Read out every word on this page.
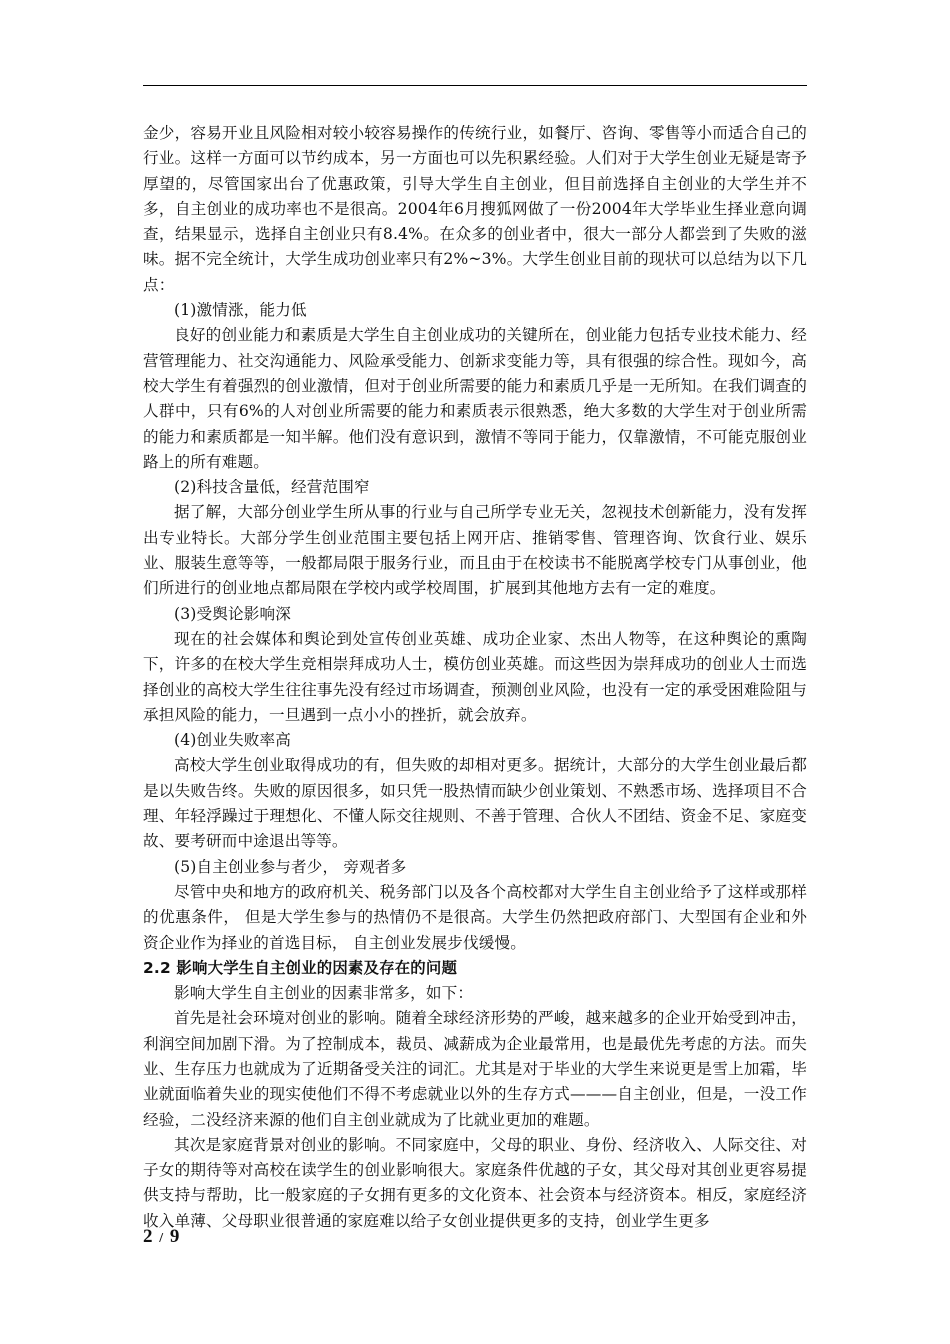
金少，容易开业且风险相对较小较容易操作的传统行业，如餐厅、咨询、零售等小而适合自己的行业。这样一方面可以节约成本，另一方面也可以先积累经验。人们对于大学生创业无疑是寄予厚望的，尽管国家出台了优惠政策，引导大学生自主创业，但目前选择自主创业的大学生并不多，自主创业的成功率也不是很高。2004年6月搜狐网做了一份2004年大学毕业生择业意向调查，结果显示，选择自主创业只有8.4%。在众多的创业者中，很大一部分人都尝到了失败的滋味。据不完全统计，大学生成功创业率只有2%~3%。大学生创业目前的现状可以总结为以下几点：

(1)激情涨，能力低

良好的创业能力和素质是大学生自主创业成功的关键所在，创业能力包括专业技术能力、经营管理能力、社交沟通能力、风险承受能力、创新求变能力等，具有很强的综合性。现如今，高校大学生有着强烈的创业激情，但对于创业所需要的能力和素质几乎是一无所知。在我们调查的人群中，只有6%的人对创业所需要的能力和素质表示很熟悉，绝大多数的大学生对于创业所需的能力和素质都是一知半解。他们没有意识到，激情不等同于能力，仅靠激情，不可能克服创业路上的所有难题。

(2)科技含量低，经营范围窄

据了解，大部分创业学生所从事的行业与自己所学专业无关，忽视技术创新能力，没有发挥出专业特长。大部分学生创业范围主要包括上网开店、推销零售、管理咨询、饮食行业、娱乐业、服装生意等等，一般都局限于服务行业，而且由于在校读书不能脱离学校专门从事创业，他们所进行的创业地点都局限在学校内或学校周围，扩展到其他地方去有一定的难度。

(3)受舆论影响深

现在的社会媒体和舆论到处宣传创业英雄、成功企业家、杰出人物等，在这种舆论的熏陶下，许多的在校大学生竞相崇拜成功人士，模仿创业英雄。而这些因为崇拜成功的创业人士而选择创业的高校大学生往往事先没有经过市场调查，预测创业风险，也没有一定的承受困难险阻与承担风险的能力，一旦遇到一点小小的挫折，就会放弃。

(4)创业失败率高

高校大学生创业取得成功的有，但失败的却相对更多。据统计，大部分的大学生创业最后都是以失败告终。失败的原因很多，如只凭一股热情而缺少创业策划、不熟悉市场、选择项目不合理、年轻浮躁过于理想化、不懂人际交往规则、不善于管理、合伙人不团结、资金不足、家庭变故、要考研而中途退出等等。

(5)自主创业参与者少， 旁观者多

尽管中央和地方的政府机关、税务部门以及各个高校都对大学生自主创业给予了这样或那样的优惠条件， 但是大学生参与的热情仍不是很高。大学生仍然把政府部门、大型国有企业和外资企业作为择业的首选目标， 自主创业发展步伐缓慢。

2.2 影响大学生自主创业的因素及存在的问题

影响大学生自主创业的因素非常多，如下：

首先是社会环境对创业的影响。随着全球经济形势的严峻，越来越多的企业开始受到冲击，利润空间加剧下滑。为了控制成本，裁员、减薪成为企业最常用，也是最优先考虑的方法。而失业、生存压力也就成为了近期备受关注的词汇。尤其是对于毕业的大学生来说更是雪上加霜，毕业就面临着失业的现实使他们不得不考虑就业以外的生存方式———自主创业，但是，一没工作经验，二没经济来源的他们自主创业就成为了比就业更加的难题。

其次是家庭背景对创业的影响。不同家庭中，父母的职业、身份、经济收入、人际交往、对子女的期待等对高校在读学生的创业影响很大。家庭条件优越的子女，其父母对其创业更容易提供支持与帮助，比一般家庭的子女拥有更多的文化资本、社会资本与经济资本。相反，家庭经济收入单薄、父母职业很普通的家庭难以给子女创业提供更多的支持，创业学生更多

2 / 9
